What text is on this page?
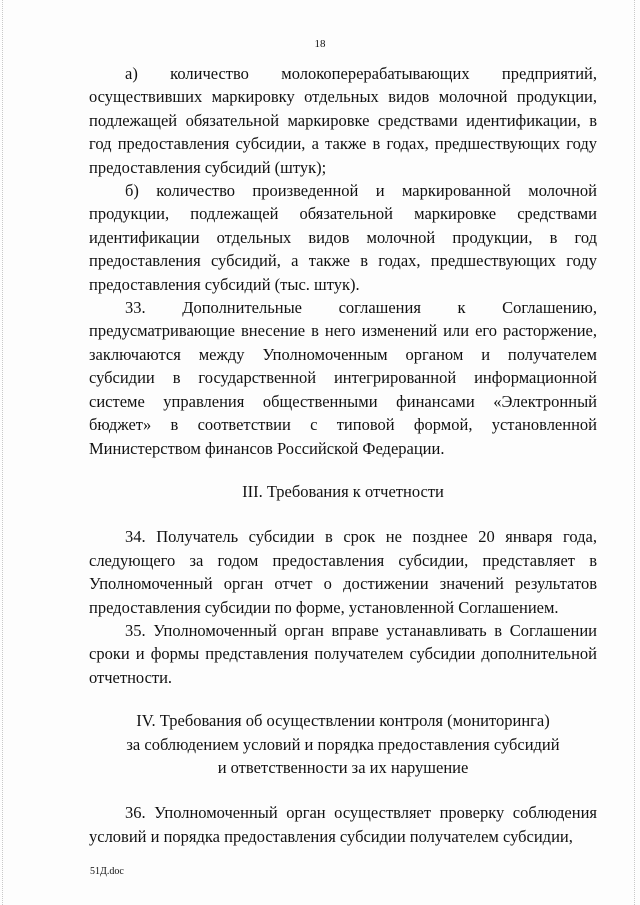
18

а) количество молокоперерабатывающих предприятий, осуществивших маркировку отдельных видов молочной продукции, подлежащей обязательной маркировке средствами идентификации, в год предоставления субсидии, а также в годах, предшествующих году предоставления субсидий (штук);

б) количество произведенной и маркированной молочной продукции, подлежащей обязательной маркировке средствами идентификации отдельных видов молочной продукции, в год предоставления субсидий, а также в годах, предшествующих году предоставления субсидий (тыс. штук).

33. Дополнительные соглашения к Соглашению, предусматривающие внесение в него изменений или его расторжение, заключаются между Уполномоченным органом и получателем субсидии в государственной интегрированной информационной системе управления общественными финансами «Электронный бюджет» в соответствии с типовой формой, установленной Министерством финансов Российской Федерации.

III. Требования к отчетности

34. Получатель субсидии в срок не позднее 20 января года, следующего за годом предоставления субсидии, представляет в Уполномоченный орган отчет о достижении значений результатов предоставления субсидии по форме, установленной Соглашением.

35. Уполномоченный орган вправе устанавливать в Соглашении сроки и формы представления получателем субсидии дополнительной отчетности.

IV. Требования об осуществлении контроля (мониторинга)
за соблюдением условий и порядка предоставления субсидий
и ответственности за их нарушение

36. Уполномоченный орган осуществляет проверку соблюдения условий и порядка предоставления субсидии получателем субсидии,

51Д.doc
